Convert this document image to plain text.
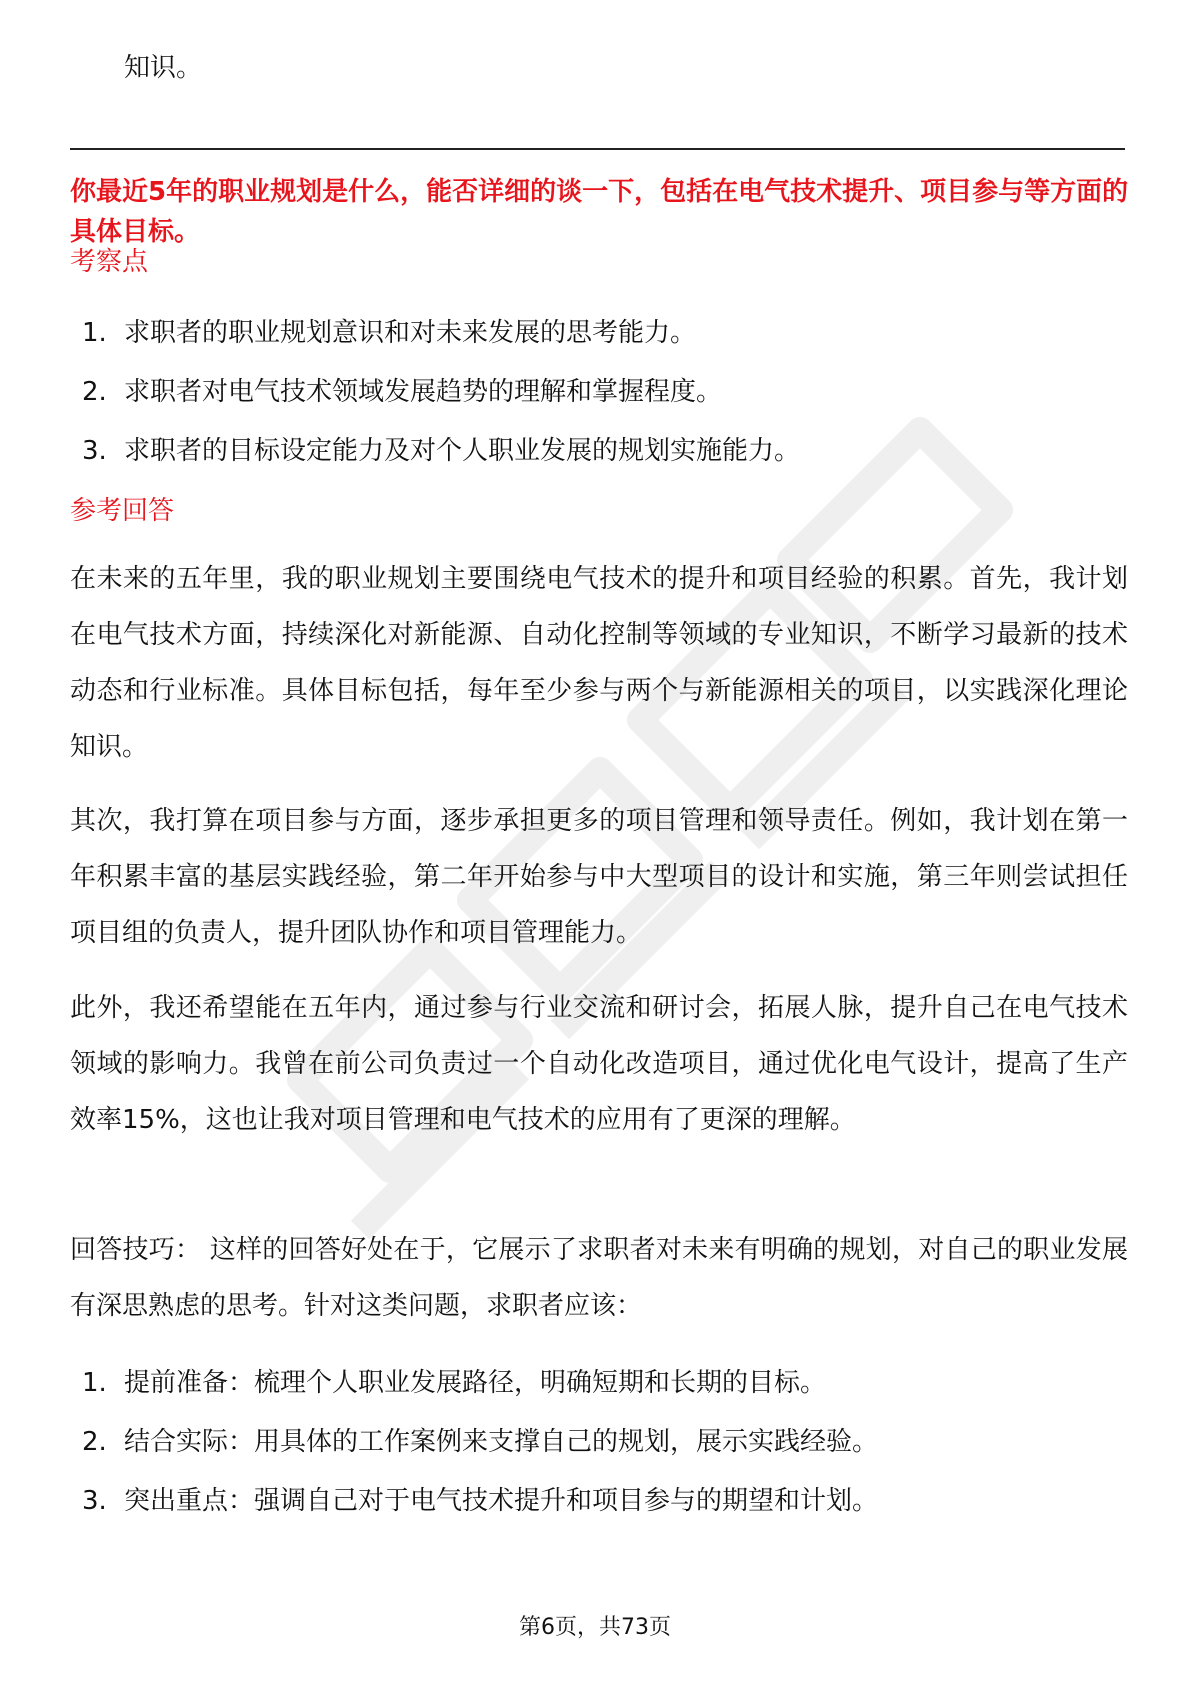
知识。

你最近5年的职业规划是什么，能否详细的谈一下，包括在电气技术提升、项目参与等方面的具体目标。

考察点
1. 求职者的职业规划意识和对未来发展的思考能力。
2. 求职者对电气技术领域发展趋势的理解和掌握程度。
3. 求职者的目标设定能力及对个人职业发展的规划实施能力。
参考回答

在未来的五年里，我的职业规划主要围绕电气技术的提升和项目经验的积累。首先，我计划在电气技术方面，持续深化对新能源、自动化控制等领域的专业知识，不断学习最新的技术动态和行业标准。具体目标包括，每年至少参与两个与新能源相关的项目，以实践深化理论知识。

其次，我打算在项目参与方面，逐步承担更多的项目管理和领导责任。例如，我计划在第一年积累丰富的基层实践经验，第二年开始参与中大型项目的设计和实施，第三年则尝试担任项目组的负责人，提升团队协作和项目管理能力。

此外，我还希望能在五年内，通过参与行业交流和研讨会，拓展人脉，提升自己在电气技术领域的影响力。我曾在前公司负责过一个自动化改造项目，通过优化电气设计，提高了生产效率15%，这也让我对项目管理和电气技术的应用有了更深的理解。

回答技巧： 这样的回答好处在于，它展示了求职者对未来有明确的规划，对自己的职业发展有深思熟虑的思考。针对这类问题，求职者应该：

1. 提前准备：梳理个人职业发展路径，明确短期和长期的目标。
2. 结合实际：用具体的工作案例来支撑自己的规划，展示实践经验。
3. 突出重点：强调自己对于电气技术提升和项目参与的期望和计划。

第6页，共73页
